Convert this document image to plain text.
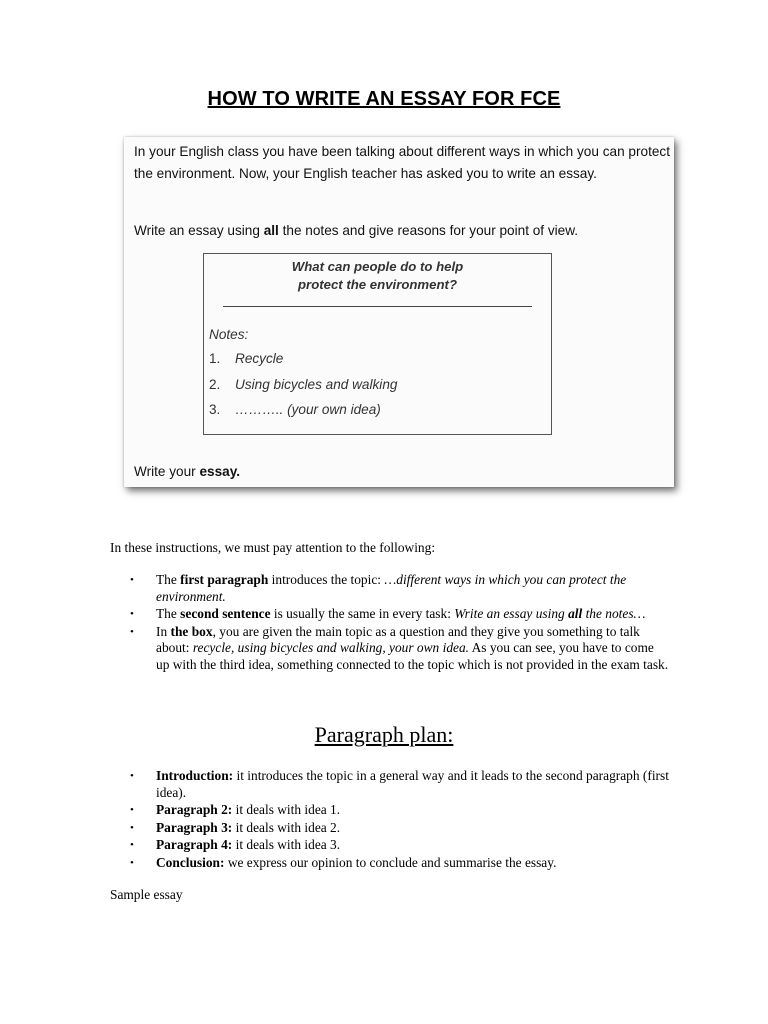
HOW TO WRITE AN ESSAY FOR FCE

In your English class you have been talking about different ways in which you can protect the environment. Now, your English teacher has asked you to write an essay.

Write an essay using all the notes and give reasons for your point of view.

What can people do to help
protect the environment?
Notes:
1. Recycle
2. Using bicycles and walking
3. ……….. (your own idea)

Write your essay.

In these instructions, we must pay attention to the following:
• The first paragraph introduces the topic: …different ways in which you can protect the environment.
• The second sentence is usually the same in every task: Write an essay using all the notes…
• In the box, you are given the main topic as a question and they give you something to talk about: recycle, using bicycles and walking, your own idea. As you can see, you have to come up with the third idea, something connected to the topic which is not provided in the exam task.
Paragraph plan:
• Introduction: it introduces the topic in a general way and it leads to the second paragraph (first idea).
• Paragraph 2: it deals with idea 1.
• Paragraph 3: it deals with idea 2.
• Paragraph 4: it deals with idea 3.
• Conclusion: we express our opinion to conclude and summarise the essay.
Sample essay
